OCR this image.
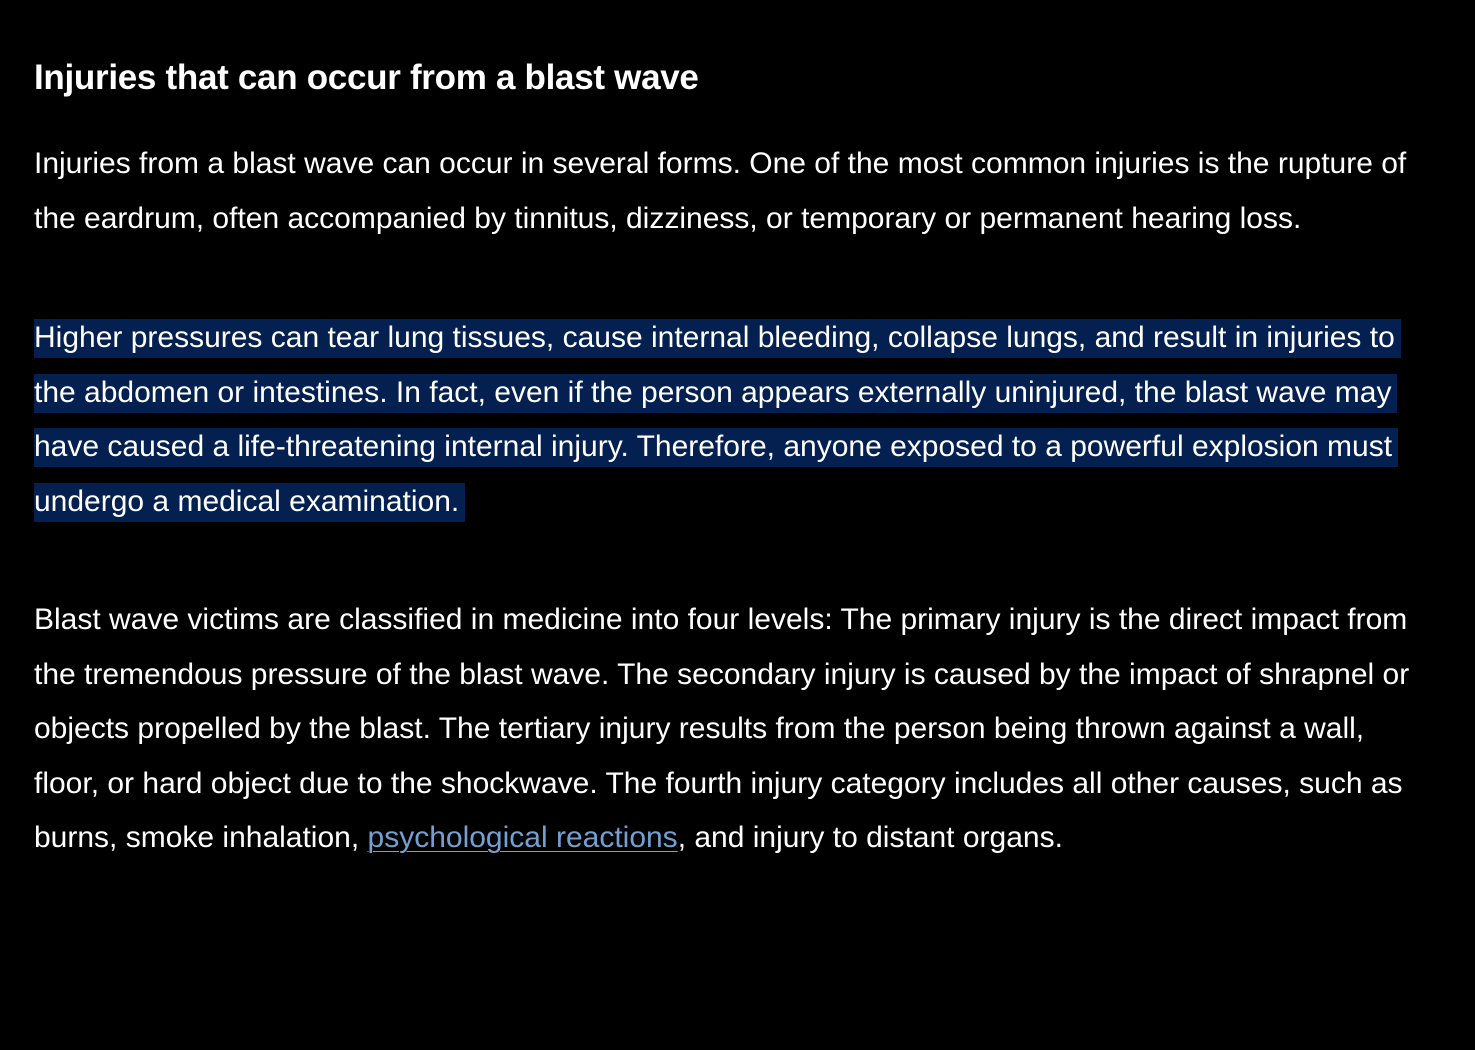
Injuries that can occur from a blast wave

Injuries from a blast wave can occur in several forms. One of the most common injuries is the rupture of the eardrum, often accompanied by tinnitus, dizziness, or temporary or permanent hearing loss.

Higher pressures can tear lung tissues, cause internal bleeding, collapse lungs, and result in injuries to the abdomen or intestines. In fact, even if the person appears externally uninjured, the blast wave may have caused a life-threatening internal injury. Therefore, anyone exposed to a powerful explosion must undergo a medical examination.

Blast wave victims are classified in medicine into four levels: The primary injury is the direct impact from the tremendous pressure of the blast wave. The secondary injury is caused by the impact of shrapnel or objects propelled by the blast. The tertiary injury results from the person being thrown against a wall, floor, or hard object due to the shockwave. The fourth injury category includes all other causes, such as burns, smoke inhalation, psychological reactions, and injury to distant organs.
